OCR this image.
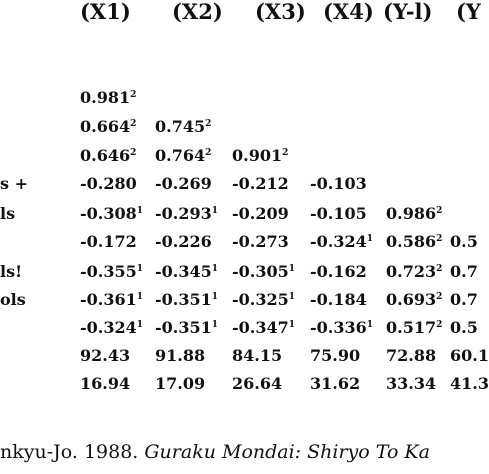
(X1) (X2) (X3) (X4) (Y-l) (Y
s +
ls
ls!
ols
0.981$^2$
0.664$^2$ 0.745$^2$
0.646$^2$ 0.764$^2$ 0.901$^2$
-0.280 -0.269 -0.212 -0.103
-0.308$^1$ -0.293$^1$ -0.209 -0.105 0.986$^2$
-0.172 -0.226 -0.273 -0.324$^1$ 0.586$^2$ 0.5
-0.355$^1$ -0.345$^1$ -0.305$^1$ -0.162 0.723$^2$ 0.7
-0.361$^1$ -0.351$^1$ -0.325$^1$ -0.184 0.693$^2$ 0.7
-0.324$^1$ -0.351$^1$ -0.347$^1$ -0.336$^1$ 0.517$^2$ 0.5
92.43 91.88 84.15 75.90 72.88 60.1
16.94 17.09 26.64 31.62 33.34 41.3
nkyu-Jo. 1988. Guraku Mondai: Shiryo To Ka
